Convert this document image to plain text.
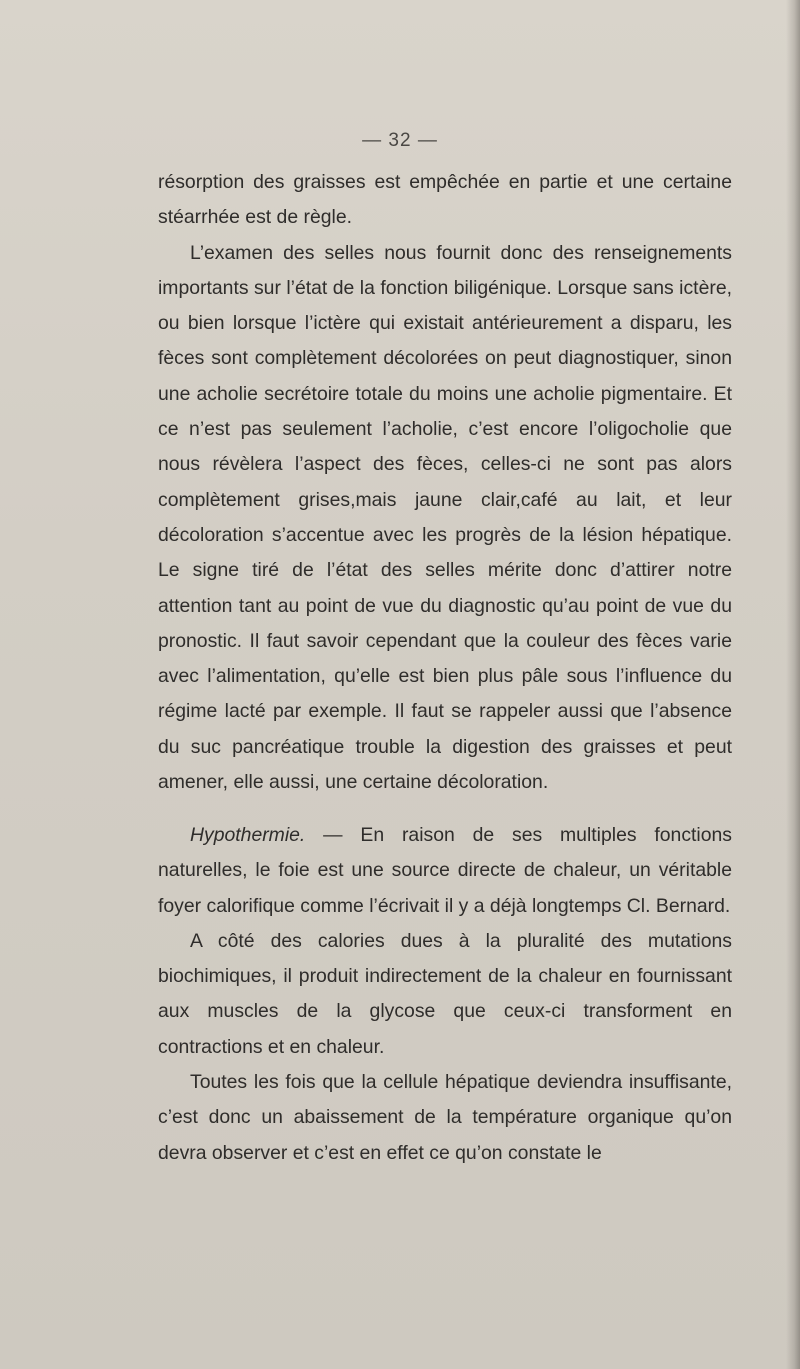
— 32 —

résorption des graisses est empêchée en partie et une certaine stéarrhée est de règle.

L’examen des selles nous fournit donc des renseignements importants sur l’état de la fonction biligénique. Lorsque sans ictère, ou bien lorsque l’ictère qui existait antérieurement a disparu, les fèces sont complètement décolorées on peut diagnostiquer, sinon une acholie secrétoire totale du moins une acholie pigmentaire. Et ce n’est pas seulement l’acholie, c’est encore l’oligocholie que nous révèlera l’aspect des fèces, celles-ci ne sont pas alors complètement grises,mais jaune clair,café au lait, et leur décoloration s’accentue avec les progrès de la lésion hépatique. Le signe tiré de l’état des selles mérite donc d’attirer notre attention tant au point de vue du diagnostic qu’au point de vue du pronostic. Il faut savoir cependant que la couleur des fèces varie avec l’alimentation, qu’elle est bien plus pâle sous l’influence du régime lacté par exemple. Il faut se rappeler aussi que l’absence du suc pancréatique trouble la digestion des graisses et peut amener, elle aussi, une certaine décoloration.

Hypothermie. — En raison de ses multiples fonctions naturelles, le foie est une source directe de chaleur, un véritable foyer calorifique comme l’écrivait il y a déjà longtemps Cl. Bernard.

A côté des calories dues à la pluralité des mutations biochimiques, il produit indirectement de la chaleur en fournissant aux muscles de la glycose que ceux-ci transforment en contractions et en chaleur.

Toutes les fois que la cellule hépatique deviendra insuffisante, c’est donc un abaissement de la température organique qu’on devra observer et c’est en effet ce qu’on constate le
